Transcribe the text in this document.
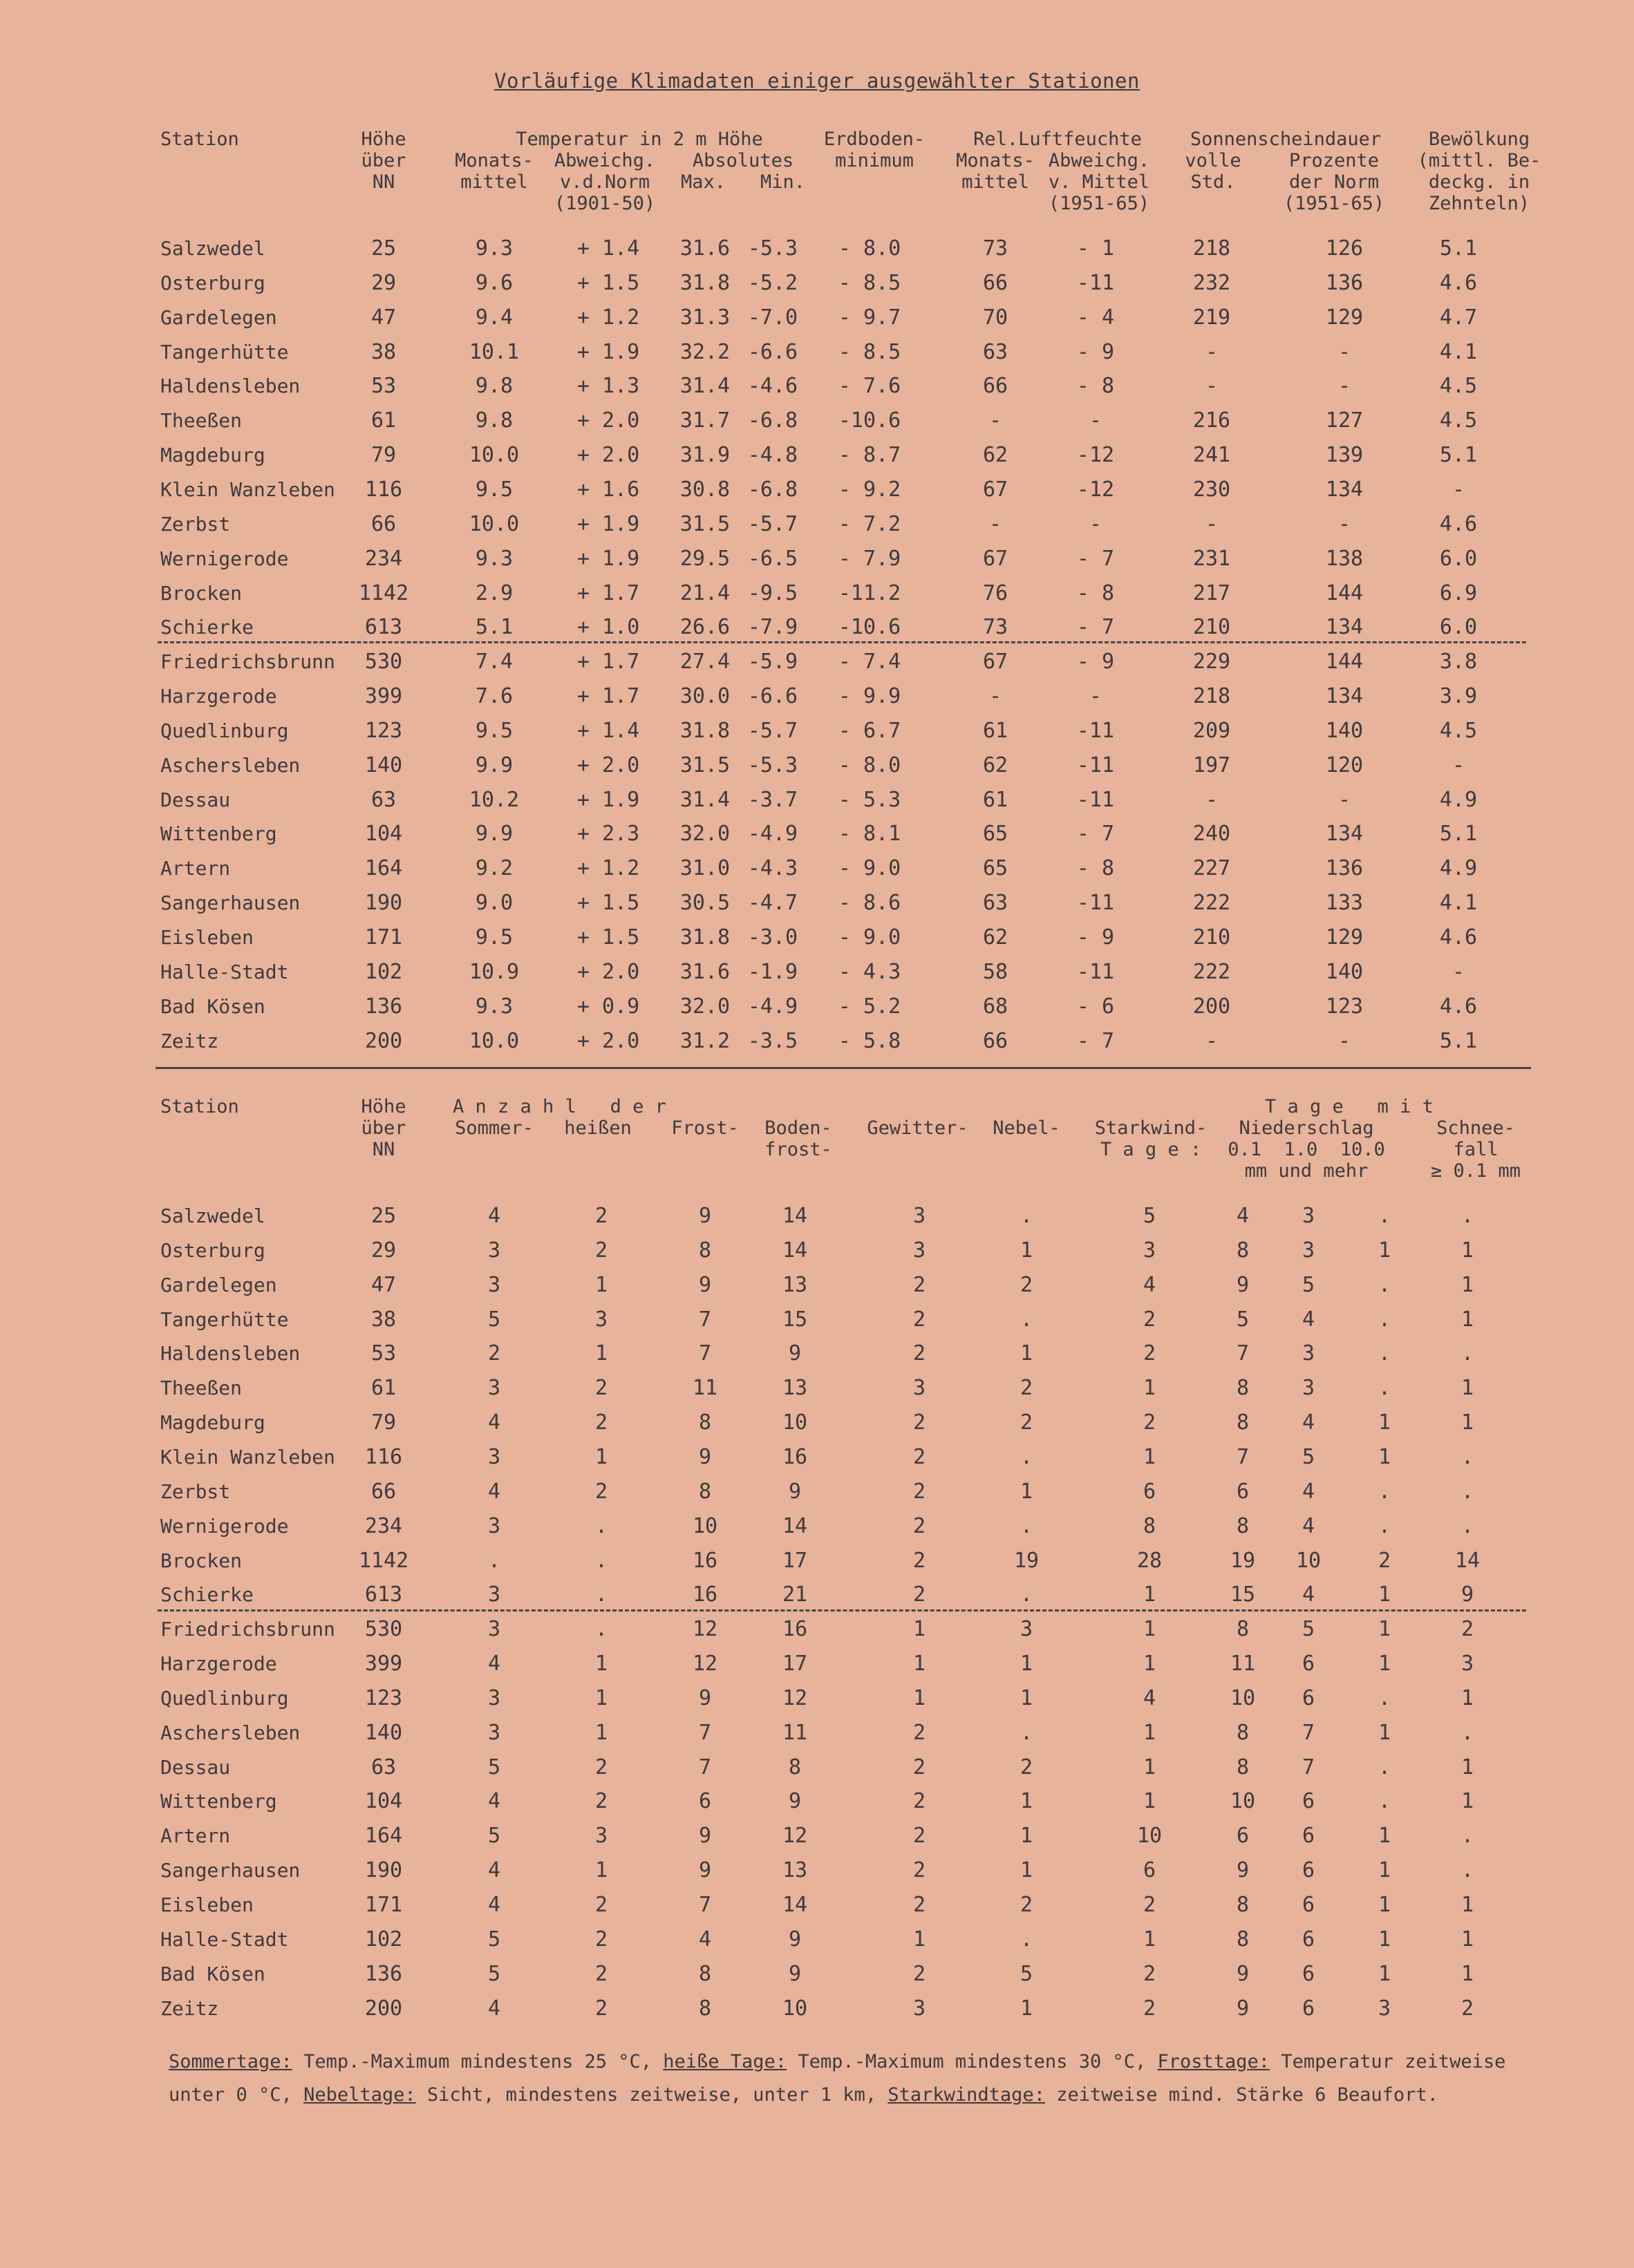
Vorläufige Klimadaten einiger ausgewählter Stationen
Station	Höhe
über
NN
Temperatur in 2 m Höhe
Monats-
mittel
Abweichg.
v.d.Norm
(1901-50)
Absolutes
Max.	Min.
Erdboden-
minimum
Rel.Luftfeuchte
Monats-
mittel
Abweichg.
v. Mittel
(1951-65)
Sonnenscheindauer
volle
Std.
Prozente
der Norm
(1951-65)
Bewölkung
(mittl. Be-
deckg. in
Zehnteln)
Salzwedel	25	9.3	+ 1.4	31.6 -5.3	- 8.0	73	- 1	218	126	5.1
Osterburg	29	9.6	+ 1.5	31.8 -5.2	- 8.5	66	-11	232	136	4.6
Gardelegen	47	9.4	+ 1.2	31.3 -7.0	- 9.7	70	- 4	219	129	4.7
Tangerhütte	38	10.1	+ 1.9	32.2 -6.6	- 8.5	63	- 9	-	-	4.1
Haldensleben	53	9.8	+ 1.3	31.4 -4.6	- 7.6	66	- 8	-	-	4.5
Theeßen	61	9.8	+ 2.0	31.7 -6.8	-10.6	-	-	216	127	4.5
Magdeburg	79	10.0	+ 2.0	31.9 -4.8	- 8.7	62	-12	241	139	5.1
Klein Wanzleben	116	9.5	+ 1.6	30.8 -6.8	- 9.2	67	-12	230	134	-
Zerbst	66	10.0	+ 1.9	31.5 -5.7	- 7.2	-	-	-	-	4.6
Wernigerode	234	9.3	+ 1.9	29.5 -6.5	- 7.9	67	- 7	231	138	6.0
Brocken	1142	2.9	+ 1.7	21.4 -9.5	-11.2	76	- 8	217	144	6.9
Schierke	613	5.1	+ 1.0	26.6 -7.9	-10.6	73	- 7	210	134	6.0
Friedrichsbrunn	530	7.4	+ 1.7	27.4 -5.9	- 7.4	67	- 9	229	144	3.8
Harzgerode	399	7.6	+ 1.7	30.0 -6.6	- 9.9	-	-	218	134	3.9
Quedlinburg	123	9.5	+ 1.4	31.8 -5.7	- 6.7	61	-11	209	140	4.5
Aschersleben	140	9.9	+ 2.0	31.5 -5.3	- 8.0	62	-11	197	120	-
Dessau	63	10.2	+ 1.9	31.4 -3.7	- 5.3	61	-11	-	-	4.9
Wittenberg	104	9.9	+ 2.3	32.0 -4.9	- 8.1	65	- 7	240	134	5.1
Artern	164	9.2	+ 1.2	31.0 -4.3	- 9.0	65	- 8	227	136	4.9
Sangerhausen	190	9.0	+ 1.5	30.5 -4.7	- 8.6	63	-11	222	133	4.1
Eisleben	171	9.5	+ 1.5	31.8 -3.0	- 9.0	62	- 9	210	129	4.6
Halle-Stadt	102	10.9	+ 2.0	31.6 -1.9	- 4.3	58	-11	222	140	-
Bad Kösen	136	9.3	+ 0.9	32.0 -4.9	- 5.2	68	- 6	200	123	4.6
Zeitz	200	10.0	+ 2.0	31.2 -3.5	- 5.8	66	- 7	-	-	5.1
Station	Höhe
über
NN
A n z a h l   d e r
Sommer-	heißen	Frost-	Boden-
frost-
Gewitter-	Nebel-	Starkwind-
T a g e :
T a g e   m i t
Niederschlag
0.1  1.0  10.0
mm und mehr
Schnee-
fall
≥ 0.1 mm
Salzwedel	25	4	2	9	14	3	.	5	4	3	.	.
Osterburg	29	3	2	8	14	3	1	3	8	3	1	1
Gardelegen	47	3	1	9	13	2	2	4	9	5	.	1
Tangerhütte	38	5	3	7	15	2	.	2	5	4	.	1
Haldensleben	53	2	1	7	9	2	1	2	7	3	.	.
Theeßen	61	3	2	11	13	3	2	1	8	3	.	1
Magdeburg	79	4	2	8	10	2	2	2	8	4	1	1
Klein Wanzleben	116	3	1	9	16	2	.	1	7	5	1	.
Zerbst	66	4	2	8	9	2	1	6	6	4	.	.
Wernigerode	234	3	.	10	14	2	.	8	8	4	.	.
Brocken	1142	.	.	16	17	2	19	28	19	10	2	14
Schierke	613	3	.	16	21	2	.	1	15	4	1	9
Friedrichsbrunn	530	3	.	12	16	1	3	1	8	5	1	2
Harzgerode	399	4	1	12	17	1	1	1	11	6	1	3
Quedlinburg	123	3	1	9	12	1	1	4	10	6	.	1
Aschersleben	140	3	1	7	11	2	.	1	8	7	1	.
Dessau	63	5	2	7	8	2	2	1	8	7	.	1
Wittenberg	104	4	2	6	9	2	1	1	10	6	.	1
Artern	164	5	3	9	12	2	1	10	6	6	1	.
Sangerhausen	190	4	1	9	13	2	1	6	9	6	1	.
Eisleben	171	4	2	7	14	2	2	2	8	6	1	1
Halle-Stadt	102	5	2	4	9	1	.	1	8	6	1	1
Bad Kösen	136	5	2	8	9	2	5	2	9	6	1	1
Zeitz	200	4	2	8	10	3	1	2	9	6	3	2
Sommertage: Temp.-Maximum mindestens 25 °C, heiße Tage: Temp.-Maximum mindestens 30 °C, Frosttage: Temperatur zeitweise unter 0 °C, Nebeltage: Sicht, mindestens zeitweise, unter 1 km, Starkwindtage: zeitweise mind. Stärke 6 Beaufort.
